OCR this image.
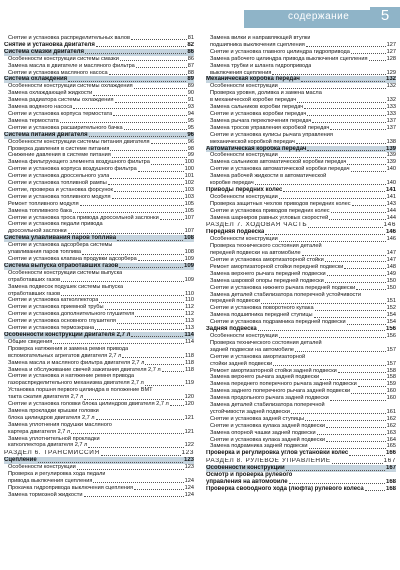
содержание	5
Снятие и установка распределительных валов	81
Снятие и установка двигателя	82
Система смазки двигателя	86
Особенности конструкции системы смазки	86
Замена масла в двигателе и масляного фильтра	87
Снятие и установка масляного насоса	88
Система охлаждения	89
Особенности конструкции системы охлаждения	89
Замена охлаждающей жидкости	90
Замена радиатора системы охлаждения	91
Замена водяного насоса	93
Снятие и установка корпуса термостата	94
Замена термостата	95
Снятие и установка расширительного бачка	95
Система питания двигателя	96
Особенности конструкции системы питания двигателя	96
Проверка давления в системе питания	98
Снижение давления в системе питания	99
Замена фильтрующего элемента воздушного фильтра	100
Снятие и установка корпуса воздушного фильтра	100
Снятие и установка дроссельного узла	101
Снятие и установка топливной рампы	102
Снятие, проверка и установка форсунок	103
Снятие и установка топливного модуля	103
Ремонт топливного модуля	105
Замена топливного бака	105
Снятие и установка троса привода дроссельной заслонки	107
Снятие и установка педали привода
дроссельной заслонки	107
Система улавливания паров топлива	108
Снятие и установка адсорбера системы
улавливания паров топлива	108
Снятие и установка клапана продувки адсорбера	109
Система выпуска отработавших газов	109
Особенности конструкции системы выпуска
отработавших газов	109
Замена подвесок подушек системы выпуска
отработавших газов	110
Снятие и установка катколлектора	110
Снятие и установка приемной трубы	112
Снятие и установка дополнительного глушителя	112
Снятие и установка основного глушителя	113
Снятие и установка термоэкрана	113
Особенности конструкции двигателя 2,7 л	114
Общие сведения	114
Проверка натяжения и замена ремня привода
вспомогательных агрегатов двигателя 2,7 л	118
Замена масла и масляного фильтра двигателя 2,7 л	118
Замена и обслуживание свечей зажигания двигателя 2,7 л	118
Снятие и установка и натяжение ремня привода
газораспределительного механизма двигателя 2,7 л	119
Установка поршня первого цилиндра в положение ВМТ
такта сжатия двигателя 2,7 л	120
Снятие и установка головки блока цилиндров двигателя 2,7 л	120
Замена прокладки крышки головки
блока цилиндров двигателя 2,7 л	121
Замена уплотнения подушки масляного
картера двигателя 2,7 л	121
Замена уплотнительной прокладки
катколлектора двигателя 2,7 л	122
РАЗДЕЛ 6. ТРАНСМИССИЯ	123
Сцепление	123
Особенности конструкции	123
Проверка и регулировка хода педали
привода выключения сцепления	124
Прокачка гидропривода выключения сцепления	124
Замена тормозной жидкости	124
Замена вилки и направляющей втулки
подшипника выключения сцепления	127
Снятие и установка главного цилиндра гидропривода	127
Замена рабочего цилиндра привода выключения сцепления	128
Замена трубки и шланга гидропривода
выключения сцепления	129
Механическая коробка передач	132
Особенности конструкции	132
Проверка уровня, доливка и замена масла
в механической коробке передач	132
Замена сальников коробки передач	133
Снятие и установка коробки передач	133
Замена рычага переключения передач	137
Замена тросов управления коробкой передач	137
Снятие и установка кулисы рычага управления
механической коробкой передач	138
Автоматическая коробка передач	139
Особенности конструкции	139
Замена сальников автоматической коробки передач	139
Снятие и установка автоматической коробки передач	140
Замена рабочей жидкости в автоматической
коробке передач	140
Приводы передних колес	141
Особенности конструкции	141
Проверка защитных чехлов приводов передних колес	143
Снятие и установка приводов передних колес	144
Замена шарниров равных угловых скоростей	144
РАЗДЕЛ 7. ХОДОВАЯ ЧАСТЬ	146
Передняя подвеска	146
Особенности конструкции	146
Проверка технического состояния деталей
передней подвески на автомобиле	147
Снятие и установка амортизаторной стойки	147
Ремонт амортизаторной стойки передней подвески	148
Замена верхнего рычага передней подвески	149
Замена шаровой опоры передней подвески	150
Снятие и установка нижнего рычага передней подвески	150
Замена деталей стабилизатора поперечной устойчивости
передней подвески	151
Снятие и установка поворотного кулака	152
Замена подшипника передней ступицы	154
Снятие и установка подрамника передней подвески	154
Задняя подвеска	156
Особенности конструкции	156
Проверка технического состояния деталей
задней подвески на автомобиле	157
Снятие и установка амортизаторной
стойки задней подвески	157
Ремонт амортизаторной стойки задней подвески	158
Замена верхнего рычага задней подвески	158
Замена переднего поперечного рычага задней подвески	159
Замена заднего поперечного рычага задней подвески	160
Замена продольного рычага задней подвески	160
Замена деталей стабилизатора поперечной
устойчивости задней подвески	161
Снятие и установка задней ступицы	162
Снятие и установка кулака задней подвески	162
Замена опорной чашки задней подвески	163
Снятие и установка кулака задней подвески	164
Замена подрамника задней подвески	165
Проверка и регулировка углов установки колес	166
РАЗДЕЛ 8. РУЛЕВОЕ УПРАВЛЕНИЕ	167
Особенности конструкции	167
Осмотр и проверка рулевого
управления на автомобиле	168
Проверка свободного хода (люфта) рулевого колеса	168
